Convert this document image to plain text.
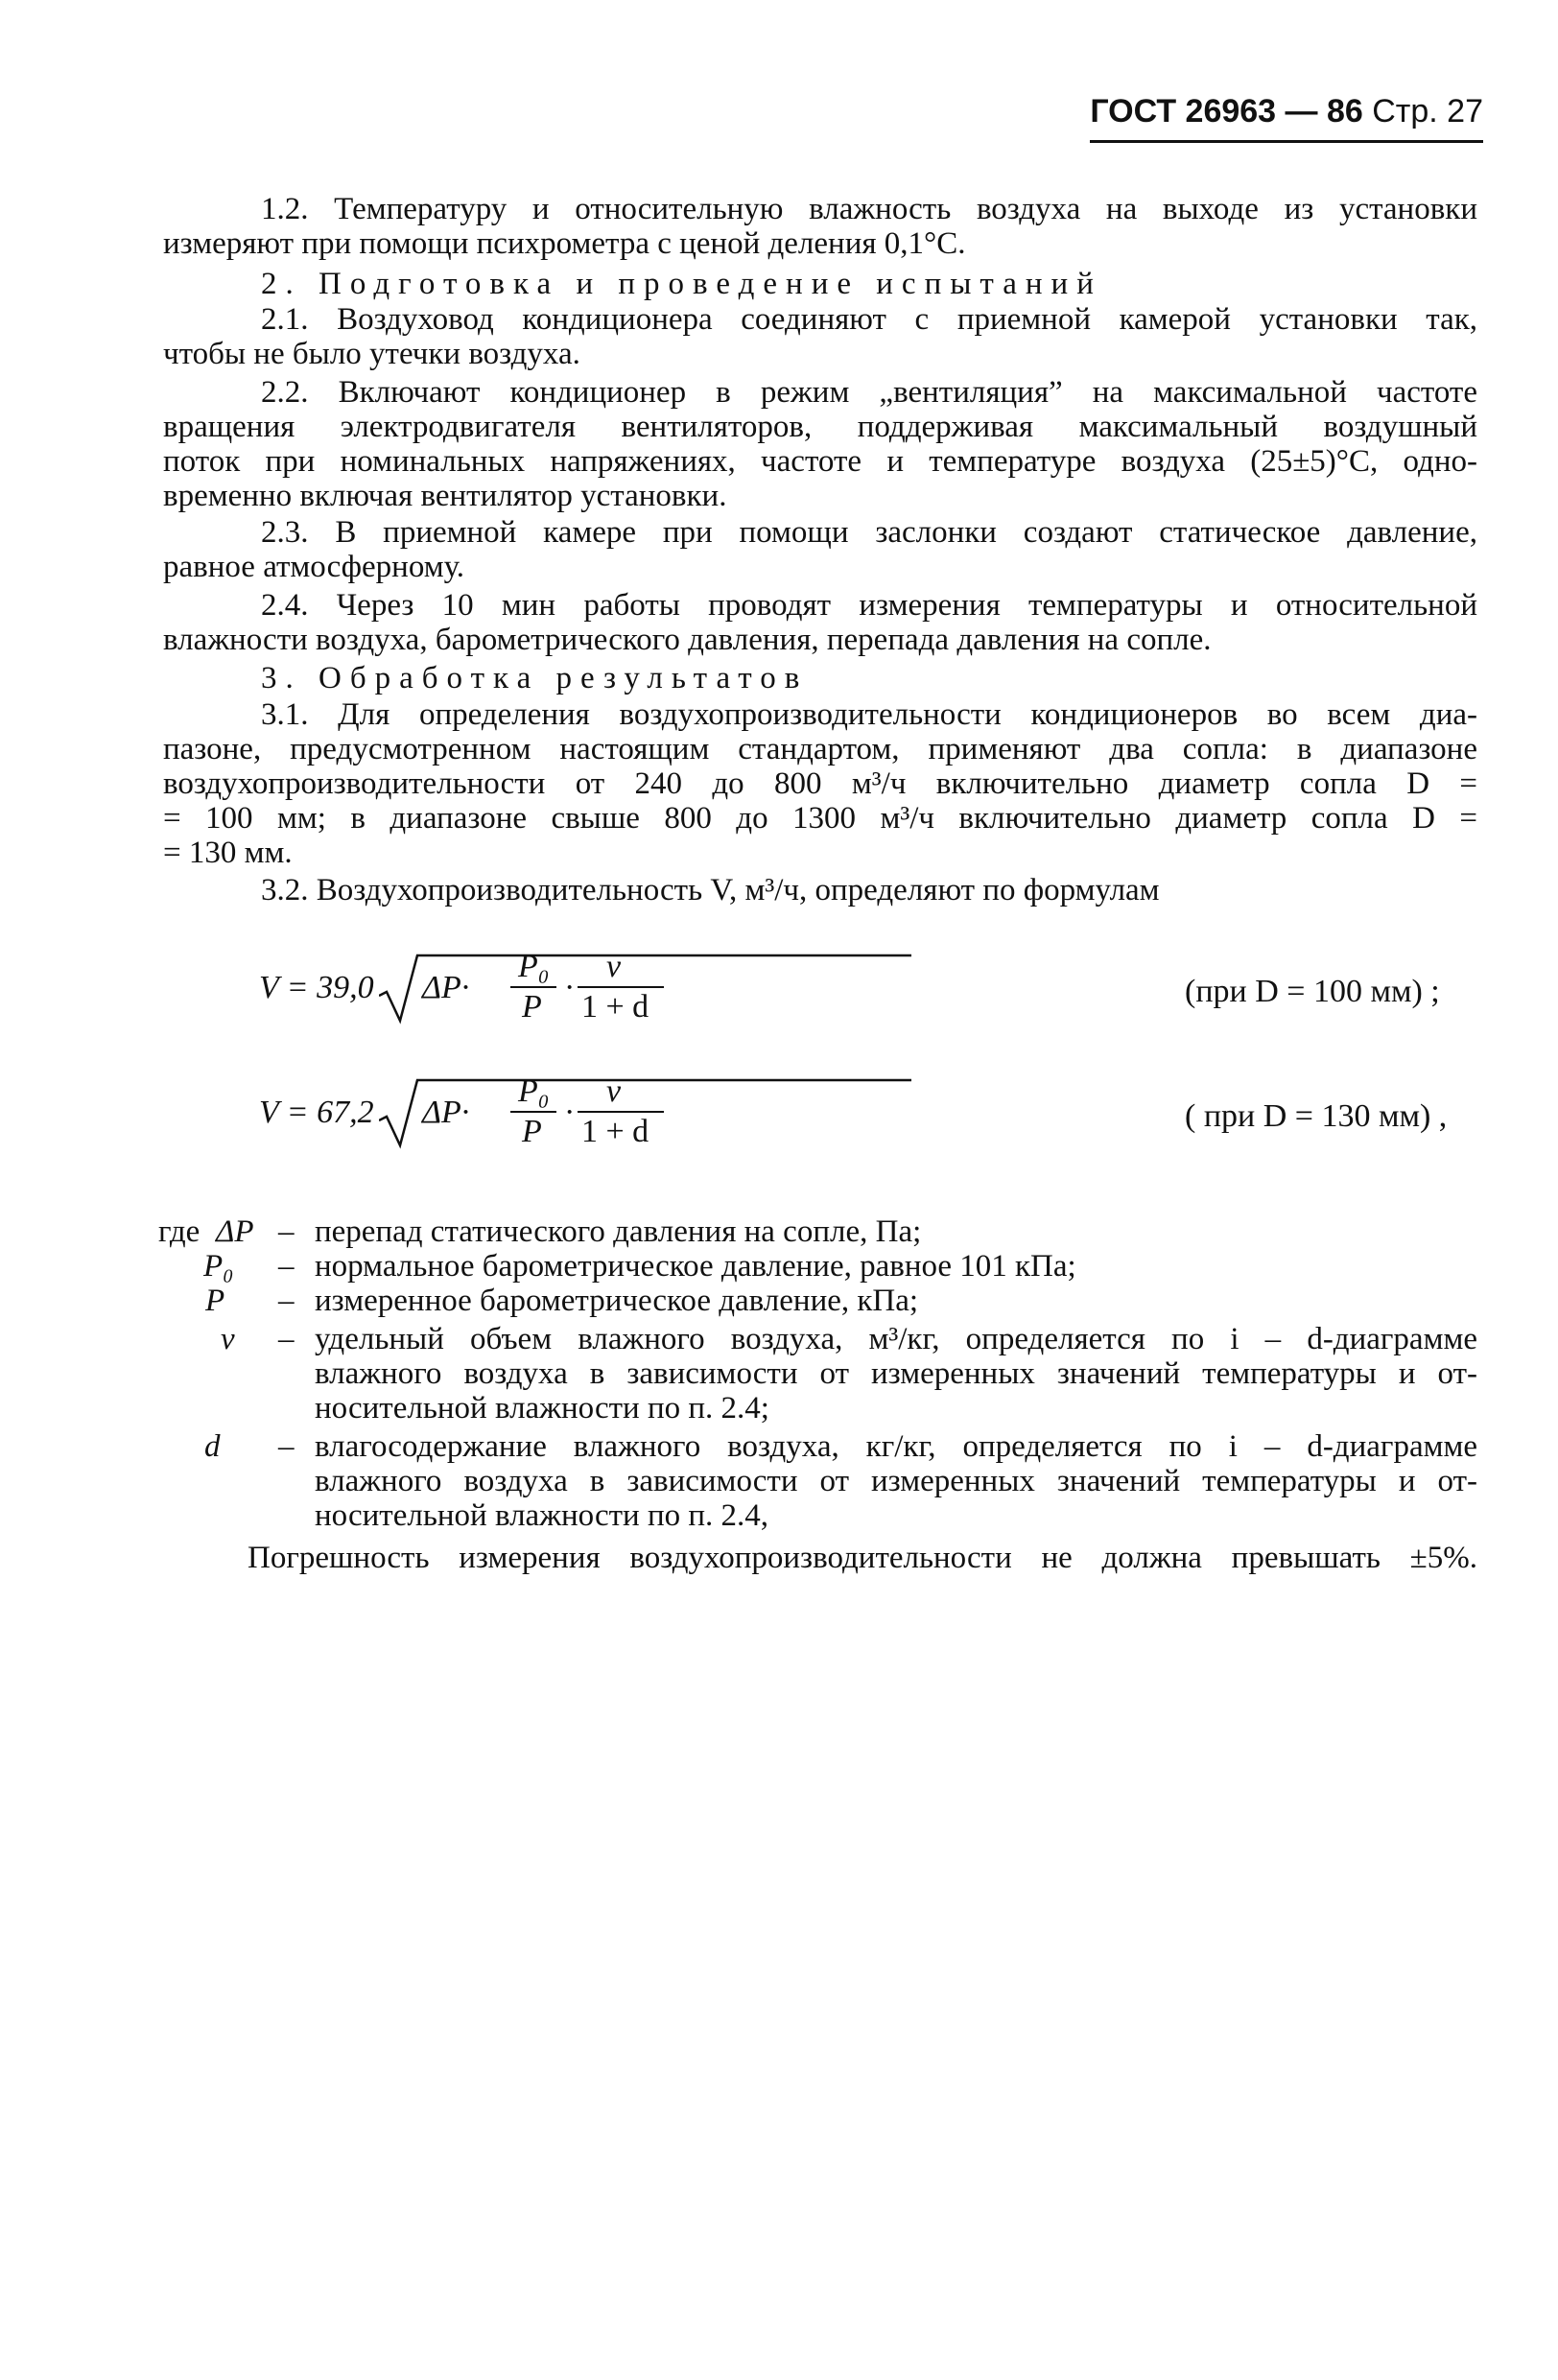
ГОСТ 26963 — 86 Стр. 27
1.2. Температуру и относительную влажность воздуха на выходе из установки
измеряют при помощи психрометра с ценой деления 0,1°С.
2. Подготовка и проведение испытаний
2.1. Воздуховод кондиционера соединяют с приемной камерой установки так,
чтобы не было утечки воздуха.
2.2. Включают кондиционер в режим „вентиляция” на максимальной частоте
вращения электродвигателя вентиляторов, поддерживая максимальный воздушный
поток при номинальных напряжениях, частоте и температуре воздуха (25±5)°С, одно-
временно включая вентилятор установки.
2.3. В приемной камере при помощи заслонки создают статическое давление,
равное атмосферному.
2.4. Через 10 мин работы проводят измерения температуры и относительной
влажности воздуха, барометрического давления, перепада давления на сопле.
3. Обработка результатов
3.1. Для определения воздухопроизводительности кондиционеров во всем диа-
пазоне, предусмотренном настоящим стандартом, применяют два сопла: в диапазоне
воздухопроизводительности от 240 до 800 м³/ч включительно диаметр сопла D =
= 100 мм; в диапазоне свыше 800 до 1300 м³/ч включительно диаметр сопла D =
= 130 мм.
3.2. Воздухопроизводительность V, м³/ч, определяют по формулам
V = 39,0 ΔP·
P₀
P
·
v
1 + d	(при D = 100 мм) ;
V = 67,2 ΔP·
P₀
P
·
v
1 + d	( при D = 130 мм) ,
где ΔP – перепад статического давления на сопле, Па;
P₀ – нормальное барометрическое давление, равное 101 кПа;
P – измеренное барометрическое давление, кПа;
v – удельный объем влажного воздуха, м³/кг, определяется по i – d-диаграмме
влажного воздуха в зависимости от измеренных значений температуры и от-
носительной влажности по п. 2.4;
d – влагосодержание влажного воздуха, кг/кг, определяется по i – d-диаграмме
влажного воздуха в зависимости от измеренных значений температуры и от-
носительной влажности по п. 2.4,
Погрешность измерения воздухопроизводительности не должна превышать ±5%.
